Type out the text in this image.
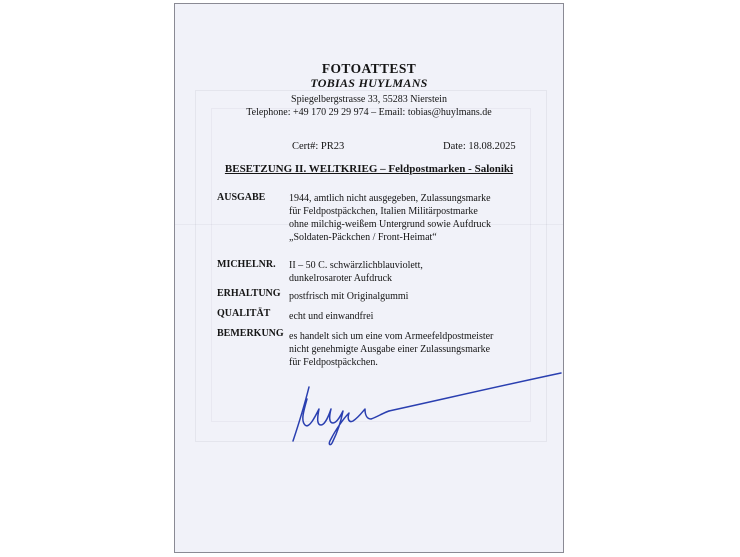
FOTOATTEST
TOBIAS HUYLMANS
Spiegelbergstrasse 33, 55283 Nierstein
Telephone: +49 170 29 29 974 – Email: tobias@huylmans.de
Cert#: PR23	Date: 18.08.2025
BESETZUNG II. WELTKRIEG – Feldpostmarken - Saloniki
AUSGABE 1944, amtlich nicht ausgegeben, Zulassungsmarke
für Feldpostpäckchen, Italien Militärpostmarke
ohne milchig-weißem Untergrund sowie Aufdruck
„Soldaten-Päckchen / Front-Heimat“
MICHELNR. II – 50 C. schwärzlichblauviolett,
dunkelrosaroter Aufdruck
ERHALTUNG postfrisch mit Originalgummi
QUALITÄT echt und einwandfrei
BEMERKUNG es handelt sich um eine vom Armeefeldpostmeister
nicht genehmigte Ausgabe einer Zulassungsmarke
für Feldpostpäckchen.
